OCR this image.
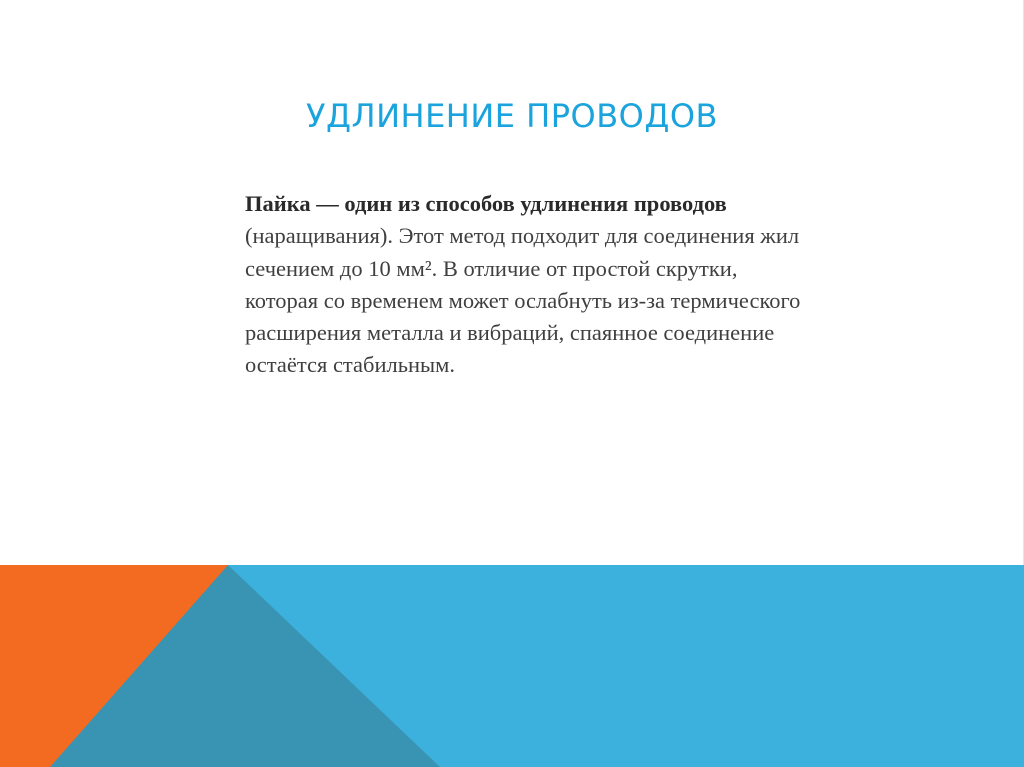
УДЛИНЕНИЕ ПРОВОДОВ

Пайка — один из способов удлинения проводов (наращивания). Этот метод подходит для соединения жил сечением до 10 мм². В отличие от простой скрутки, которая со временем может ослабнуть из-за термического расширения металла и вибраций, спаянное соединение остаётся стабильным.
